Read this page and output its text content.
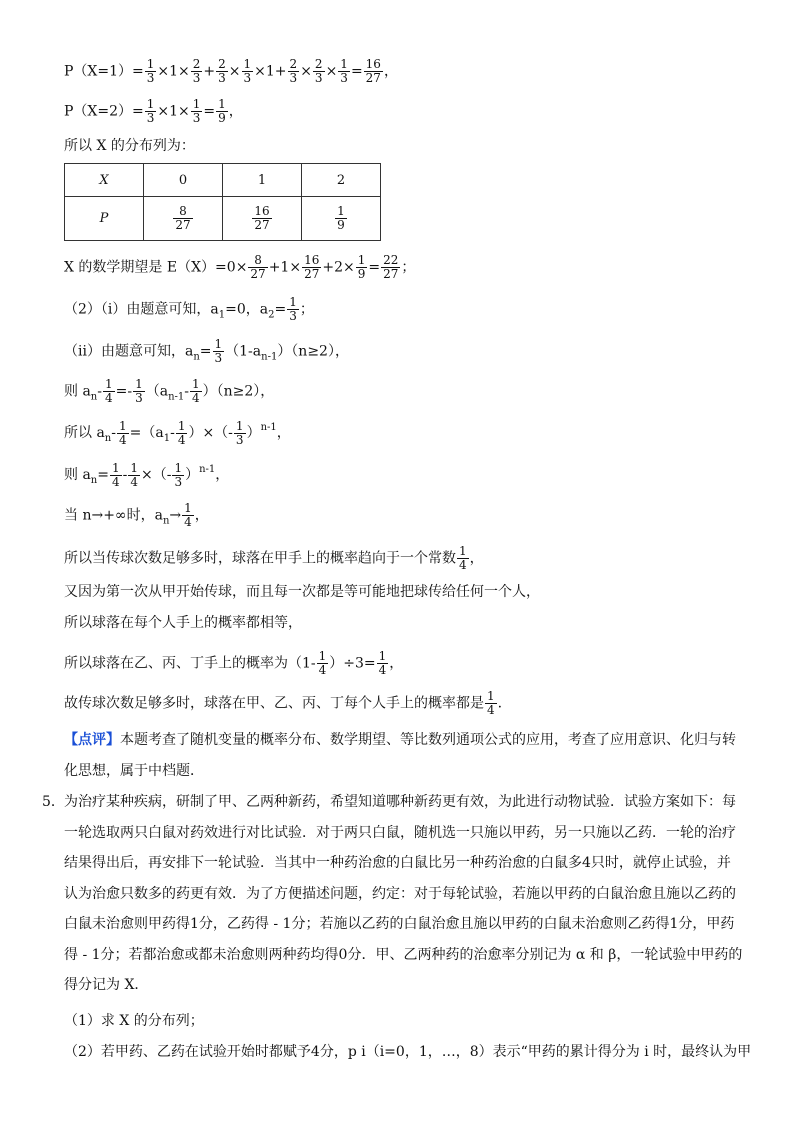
$P(X=1)= \frac{1}{3} \times 1\times \frac{2}{3} + \frac{2}{3} \times \frac{1}{3} \times 1+ \frac{2}{3} \times \frac{2}{3} \times \frac{1}{3} = \frac{16}{27}$ ，
$P(X=2)= \frac{1}{3} \times 1\times \frac{1}{3} = \frac{1}{9}$ ，
所以 X 的分布列为：
X	0	1	2
P	$\frac{8}{27}$	$\frac{16}{27}$	$\frac{1}{9}$
X 的数学期望是 $E(X)=0\times \frac{8}{27} +1\times \frac{16}{27} +2\times \frac{1}{9} = \frac{22}{27}$ ；
（2）（i）由题意可知，$a_1=0$，$a_2= \frac{1}{3}$ ；
（ii）由题意可知，$a_n= \frac{1}{3} (1-a_{n-1})(n\ge 2)$，
则 $a_n- \frac{1}{4} =- \frac{1}{3} (a_{n-1}- \frac{1}{4} )(n\ge 2)$，
所以 $a_n- \frac{1}{4} =(a_1- \frac{1}{4}$ ）×（- $\frac{1}{3} )^{n-1}$，
则 $a_n= \frac{1}{4} - \frac{1}{4}$ ×（- $\frac{1}{3} )^{n-1}$，
当 n→+∞时，$a_n\to \frac{1}{4}$ ，
所以当传球次数足够多时，球落在甲手上的概率趋向于一个常数 $\frac{1}{4}$ ，
又因为第一次从甲开始传球，而且每一次都是等可能地把球传给任何一个人，
所以球落在每个人手上的概率都相等，
所以球落在乙、丙、丁手上的概率为$(1- \frac{1}{4} )\div 3= \frac{1}{4}$ ，
故传球次数足够多时，球落在甲、乙、丙、丁每个人手上的概率都是 $\frac{1}{4}$ .
【点评】本题考查了随机变量的概率分布、数学期望、等比数列通项公式的应用，考查了应用意识、化归与转化思想，属于中档题．
5． 为治疗某种疾病，研制了甲、乙两种新药，希望知道哪种新药更有效，为此进行动物试验．试验方案如下：每一轮选取两只白鼠对药效进行对比试验．对于两只白鼠，随机选一只施以甲药，另一只施以乙药．一轮的治疗结果得出后，再安排下一轮试验．当其中一种药治愈的白鼠比另一种药治愈的白鼠多4只时，就停止试验，并认为治愈只数多的药更有效．为了方便描述问题，约定：对于每轮试验，若施以甲药的白鼠治愈且施以乙药的白鼠未治愈则甲药得1分，乙药得 - 1分；若施以乙药的白鼠治愈且施以甲药的白鼠未治愈则乙药得1分，甲药得 - 1分；若都治愈或都未治愈则两种药均得0分．甲、乙两种药的治愈率分别记为 α 和 β，一轮试验中甲药的得分记为 X．
（1）求 X 的分布列；
（2）若甲药、乙药在试验开始时都赋予4分，p i（i=0，1，…，8）表示“甲药的累计得分为 i 时，最终认为甲
